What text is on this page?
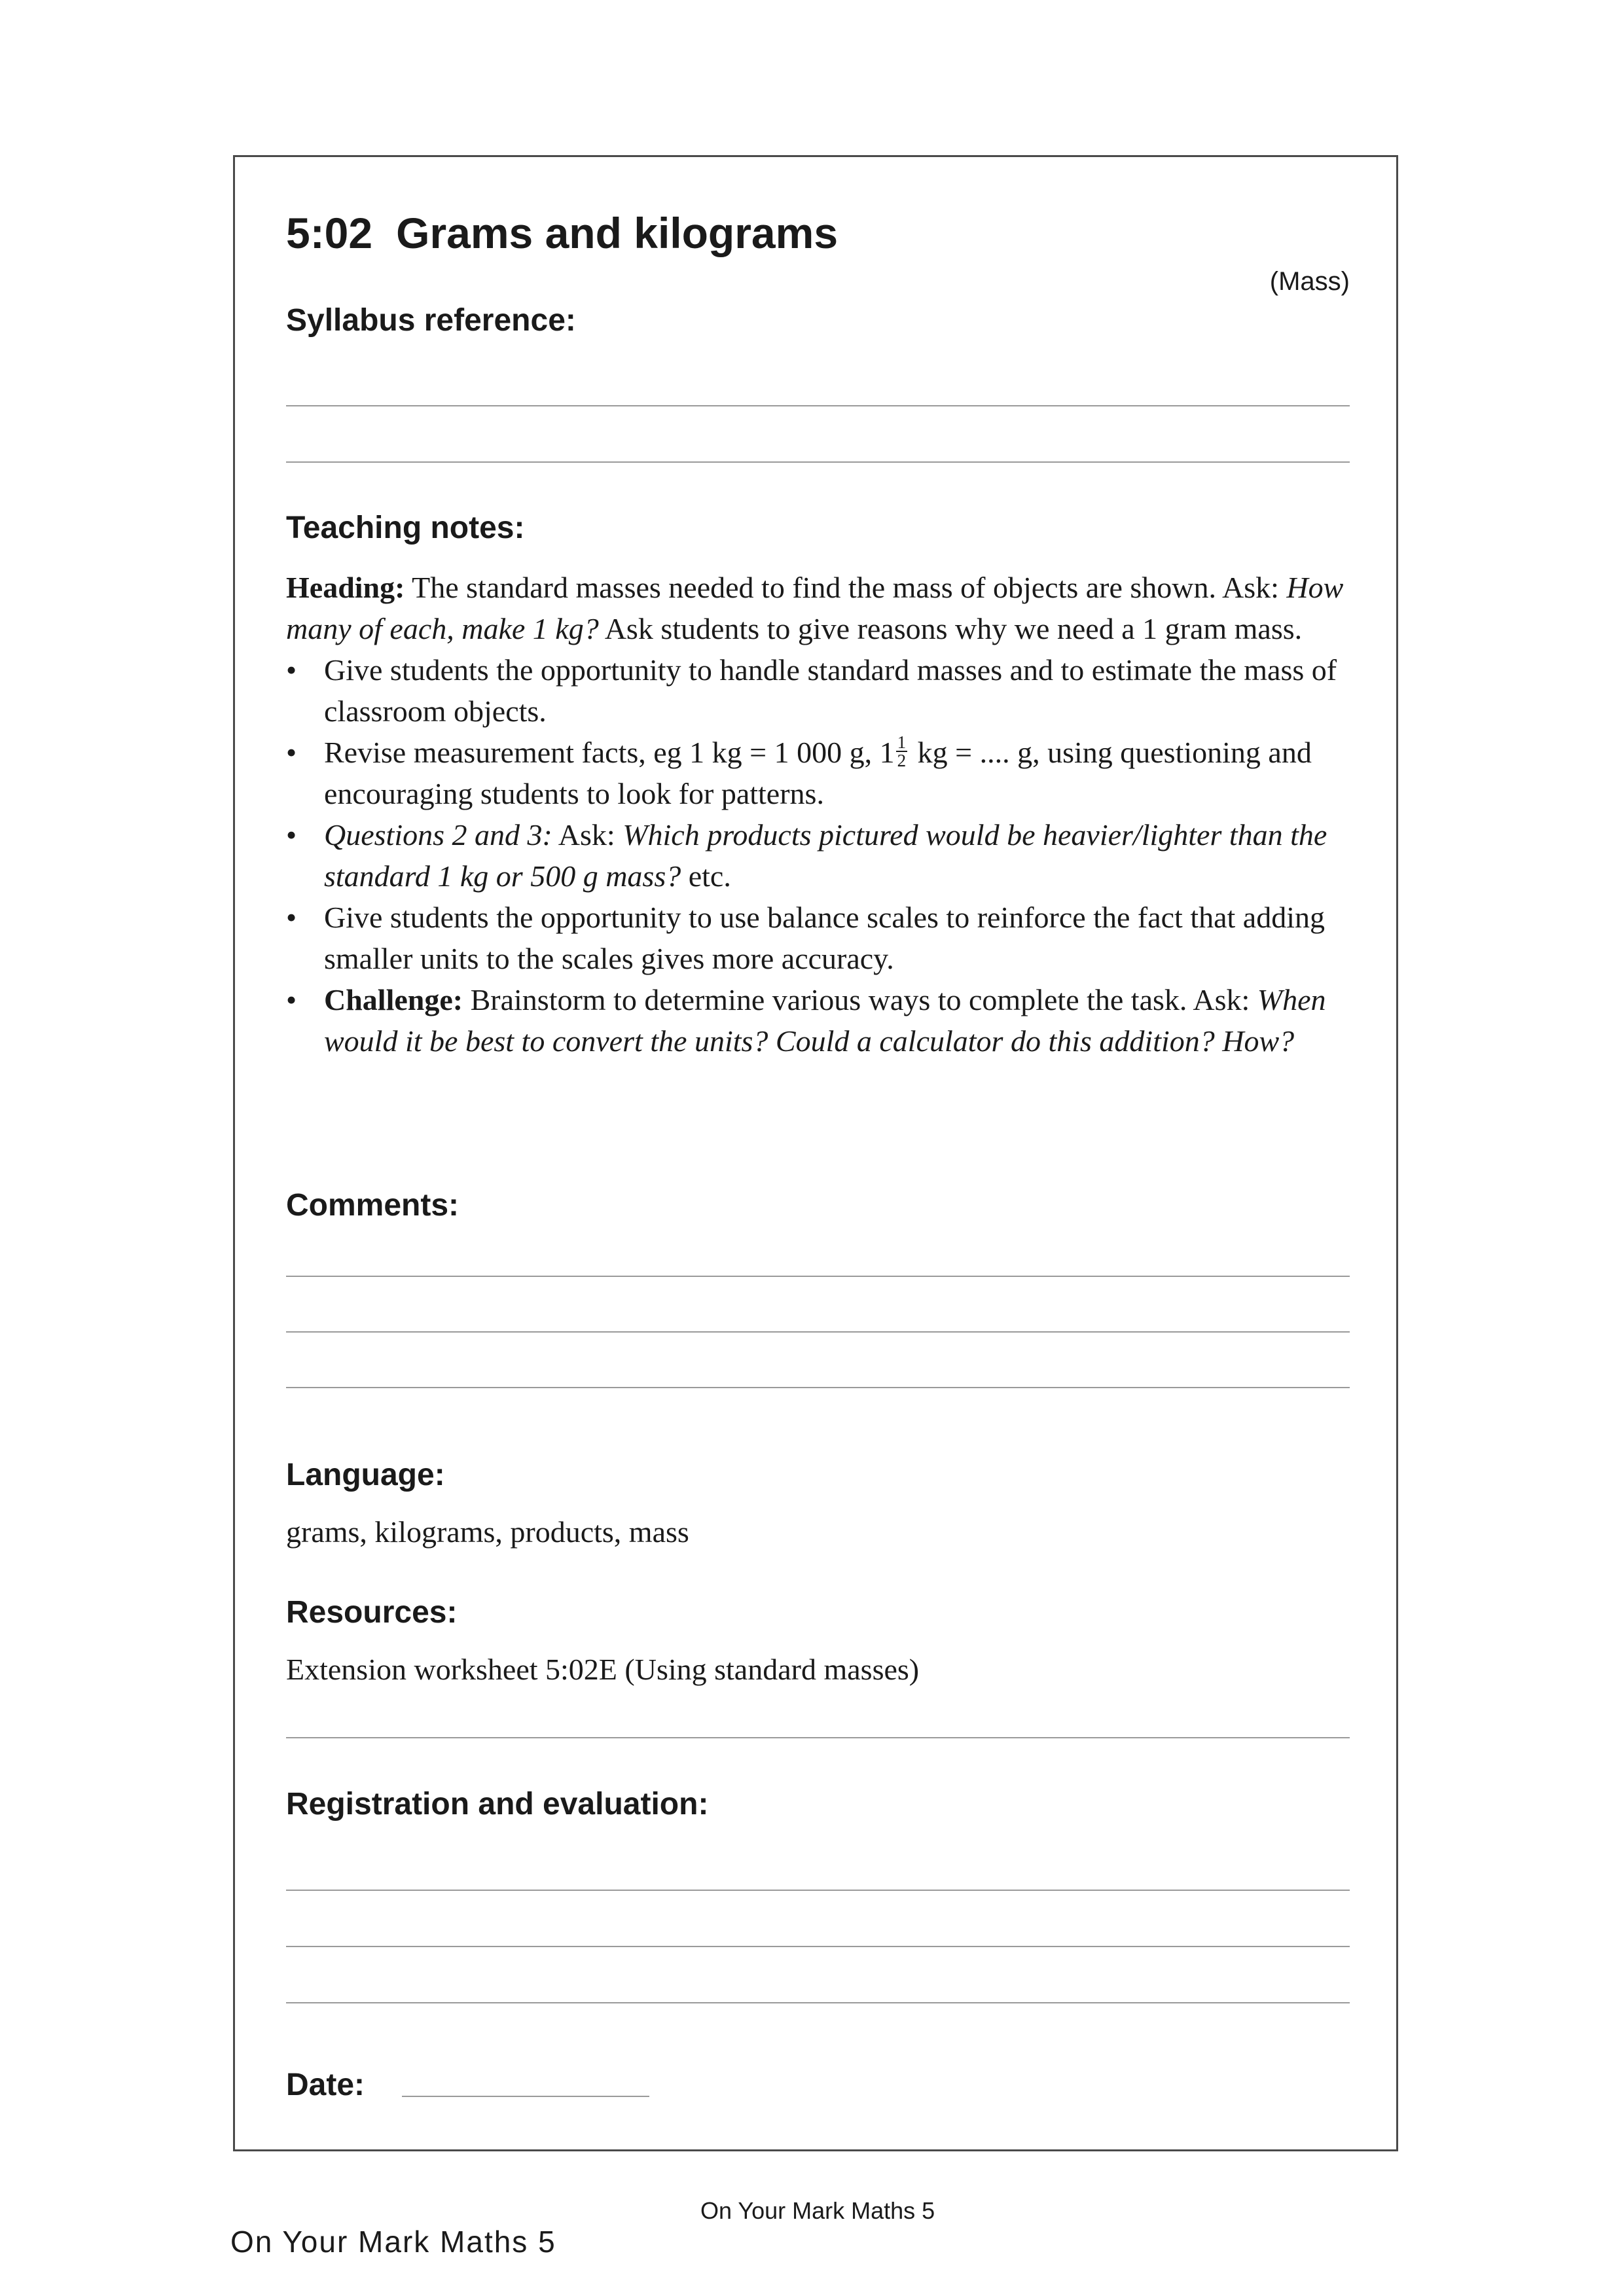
5:02 Grams and kilograms
(Mass)
Syllabus reference:
Teaching notes:

Heading: The standard masses needed to find the mass of objects are shown. Ask: How many of each, make 1 kg? Ask students to give reasons why we need a 1 gram mass.

• Give students the opportunity to handle standard masses and to estimate the mass of classroom objects.
• Revise measurement facts, eg 1 kg = 1 000 g, $1 \frac{1}{2}$ kg = .... g, using questioning and encouraging students to look for patterns.
• Questions 2 and 3: Ask: Which products pictured would be heavier/lighter than the standard 1 kg or 500 g mass? etc.
• Give students the opportunity to use balance scales to reinforce the fact that adding smaller units to the scales gives more accuracy.
• Challenge: Brainstorm to determine various ways to complete the task. Ask: When would it be best to convert the units? Could a calculator do this addition? How?
Comments:
Language:
grams, kilograms, products, mass
Resources:
Extension worksheet 5:02E (Using standard masses)
Registration and evaluation:
Date:
On Your Mark Maths 5
On Your Mark Maths 5
